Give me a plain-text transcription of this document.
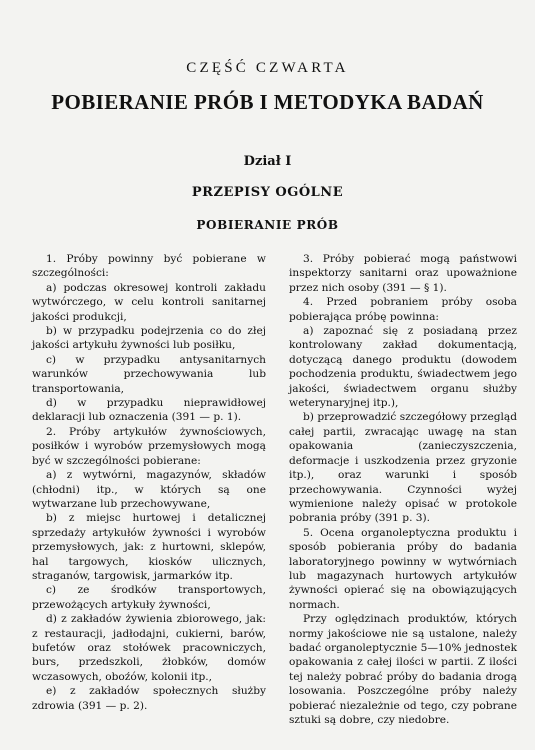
CZĘŚĆ CZWARTA
POBIERANIE PRÓB I METODYKA BADAŃ
Dział I
PRZEPISY OGÓLNE
POBIERANIE PRÓB

1. Próby powinny być pobierane w szczególności:

a) podczas okresowej kontroli zakładu wytwórczego, w celu kontroli sanitarnej jakości produkcji,

b) w przypadku podejrzenia co do złej jakości artykułu żywności lub posiłku,

c) w przypadku antysanitarnych warunków przechowywania lub transportowania,

d) w przypadku nieprawidłowej deklaracji lub oznaczenia (391 — p. 1).

2. Próby artykułów żywnościowych, posiłków i wyrobów przemysłowych mogą być w szczególności pobierane:

a) z wytwórni, magazynów, składów (chłodni) itp., w których są one wytwarzane lub przechowywane,

b) z miejsc hurtowej i detalicznej sprzedaży artykułów żywności i wyrobów przemysłowych, jak: z hurtowni, sklepów, hal targowych, kiosków ulicznych, straganów, targowisk, jarmarków itp.

c) ze środków transportowych, przewożących artykuły żywności,

d) z zakładów żywienia zbiorowego, jak: z restauracji, jadłodajni, cukierni, barów, bufetów oraz stołówek pracowniczych, burs, przedszkoli, żłobków, domów wczasowych, oboźów, kolonii itp.,

e) z zakładów społecznych służby zdrowia (391 — p. 2).

3. Próby pobierać mogą państwowi inspektorzy sanitarni oraz upoważnione przez nich osoby (391 — § 1).

4. Przed pobraniem próby osoba pobierająca próbę powinna:

a) zapoznać się z posiadaną przez kontrolowany zakład dokumentacją, dotyczącą danego produktu (dowodem pochodzenia produktu, świadectwem jego jakości, świadectwem organu służby weterynaryjnej itp.),

b) przeprowadzić szczegółowy przegląd całej partii, zwracając uwagę na stan opakowania (zanieczyszczenia, deformacje i uszkodzenia przez gryzonie itp.), oraz warunki i sposób przechowywania. Czynności wyżej wymienione należy opisać w protokole pobrania próby (391 p. 3).

5. Ocena organoleptyczna produktu i sposób pobierania próby do badania laboratoryjnego powinny w wytwórniach lub magazynach hurtowych artykułów żywności opierać się na obowiązujących normach.

Przy oględzinach produktów, których normy jakościowe nie są ustalone, należy badać organoleptycznie 5—10% jednostek opakowania z całej ilości w partii. Z ilości tej należy pobrać próby do badania drogą losowania. Poszczególne próby należy pobierać niezależnie od tego, czy pobrane sztuki są dobre, czy niedobre.
